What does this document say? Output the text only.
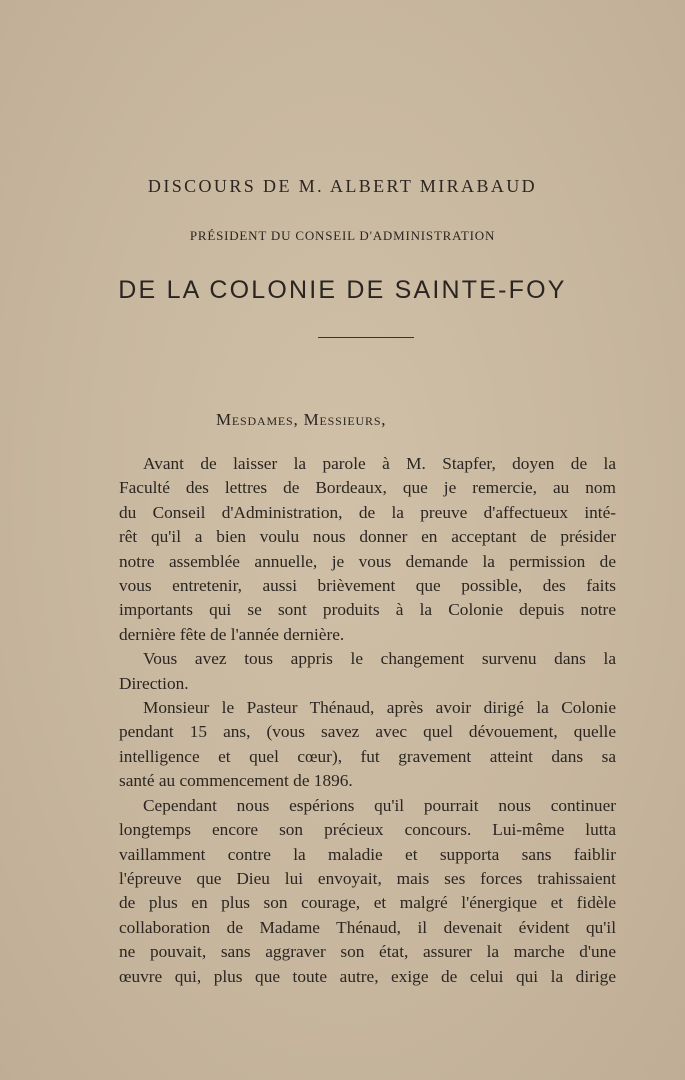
DISCOURS DE M. ALBERT MIRABAUD
PRÉSIDENT DU CONSEIL D'ADMINISTRATION
DE LA COLONIE DE SAINTE-FOY
Mesdames, Messieurs,
Avant de laisser la parole à M. Stapfer, doyen de la
Faculté des lettres de Bordeaux, que je remercie, au nom
du Conseil d'Administration, de la preuve d'affectueux inté-
rêt qu'il a bien voulu nous donner en acceptant de présider
notre assemblée annuelle, je vous demande la permission de
vous entretenir, aussi brièvement que possible, des faits
importants qui se sont produits à la Colonie depuis notre
dernière fête de l'année dernière.
Vous avez tous appris le changement survenu dans la
Direction.
Monsieur le Pasteur Thénaud, après avoir dirigé la Colonie
pendant 15 ans, (vous savez avec quel dévouement, quelle
intelligence et quel cœur), fut gravement atteint dans sa
santé au commencement de 1896.
Cependant nous espérions qu'il pourrait nous continuer
longtemps encore son précieux concours. Lui-même lutta
vaillamment contre la maladie et supporta sans faiblir
l'épreuve que Dieu lui envoyait, mais ses forces trahissaient
de plus en plus son courage, et malgré l'énergique et fidèle
collaboration de Madame Thénaud, il devenait évident qu'il
ne pouvait, sans aggraver son état, assurer la marche d'une
œuvre qui, plus que toute autre, exige de celui qui la dirige
